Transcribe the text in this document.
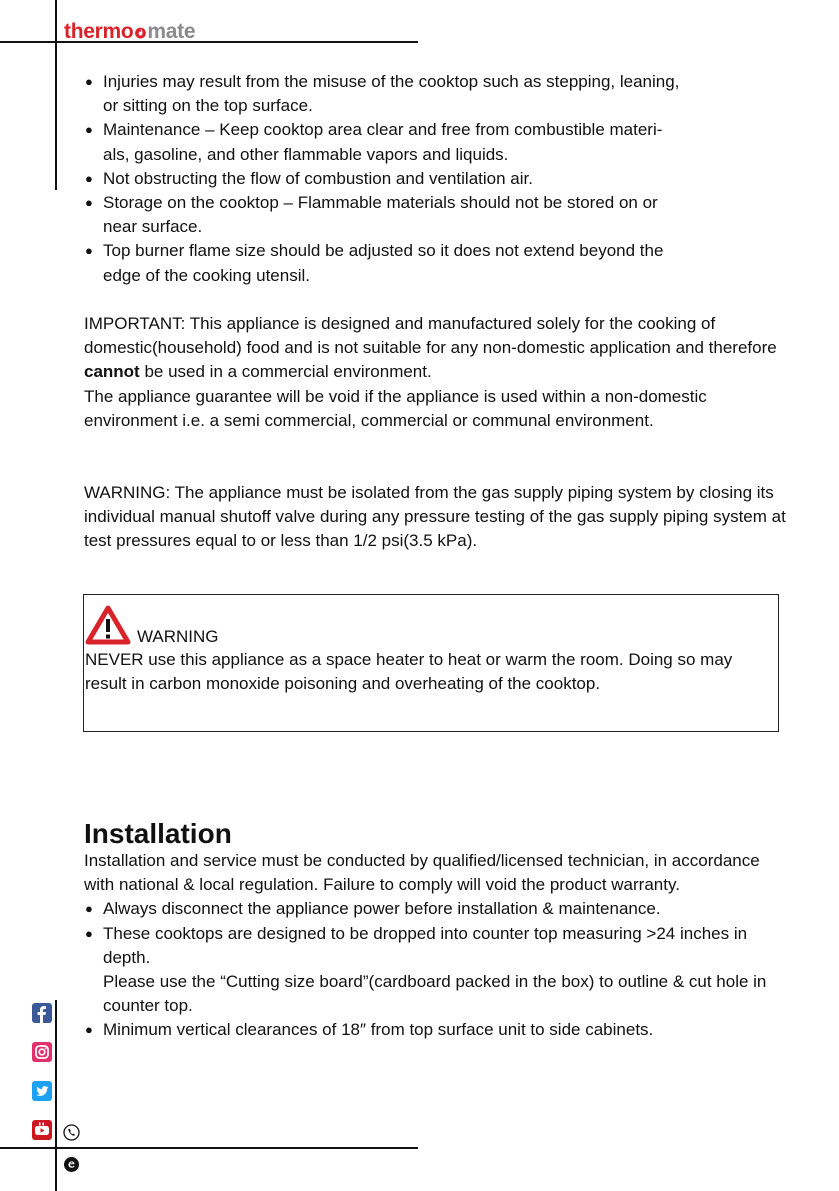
thermo mate
● Injuries may result from the misuse of the cooktop such as stepping, leaning,
or sitting on the top surface.
● Maintenance – Keep cooktop area clear and free from combustible materi-
als, gasoline, and other flammable vapors and liquids.
● Not obstructing the flow of combustion and ventilation air.
● Storage on the cooktop – Flammable materials should not be stored on or
near surface.
● Top burner flame size should be adjusted so it does not extend beyond the
edge of the cooking utensil.

IMPORTANT: This appliance is designed and manufactured solely for the cooking of domestic(household) food and is not suitable for any non-domestic application and therefore cannot be used in a commercial environment.

The appliance guarantee will be void if the appliance is used within a non-domestic environment i.e. a semi commercial, commercial or communal environment.

WARNING: The appliance must be isolated from the gas supply piping system by closing its individual manual shutoff valve during any pressure testing of the gas supply piping system at test pressures equal to or less than 1/2 psi(3.5 kPa).

WARNING

NEVER use this appliance as a space heater to heat or warm the room. Doing so may result in carbon monoxide poisoning and overheating of the cooktop.

Installation

Installation and service must be conducted by qualified/licensed technician, in accordance with national & local regulation. Failure to comply will void the product warranty.

● Always disconnect the appliance power before installation & maintenance.
● These cooktops are designed to be dropped into counter top measuring >24 inches in depth.
Please use the “Cutting size board”(cardboard packed in the box) to outline & cut hole in counter top.
● Minimum vertical clearances of 18″ from top surface unit to side cabinets.
